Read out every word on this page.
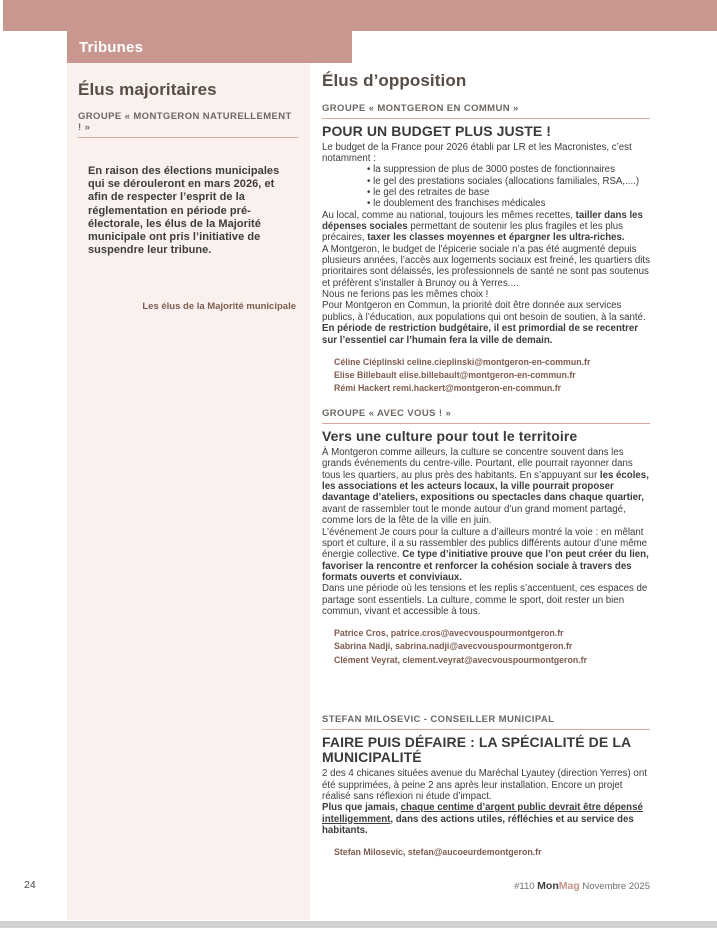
Tribunes
Élus majoritaires
GROUPE « MONTGERON NATURELLEMENT ! »

En raison des élections municipales qui se dérouleront en mars 2026, et afin de respecter l’esprit de la réglementation en période pré-électorale, les élus de la Majorité municipale ont pris l’initiative de suspendre leur tribune.

Les élus de la Majorité municipale
Élus d’opposition
GROUPE « MONTGERON EN COMMUN »
POUR UN BUDGET PLUS JUSTE !

Le budget de la France pour 2026 établi par LR et les Macronistes, c’est notamment :

• la suppression de plus de 3000 postes de fonctionnaires
• le gel des prestations sociales (allocations familiales, RSA,....)
• le gel des retraites de base
• le doublement des franchises médicales

Au local, comme au national, toujours les mêmes recettes, tailler dans les dépenses sociales permettant de soutenir les plus fragiles et les plus précaires, taxer les classes moyennes et épargner les ultra-riches.

A Montgeron, le budget de l’épicerie sociale n’a pas été augmenté depuis plusieurs années, l’accès aux logements sociaux est freiné, les quartiers dits prioritaires sont délaissés, les professionnels de santé ne sont pas soutenus et préfèrent s’installer à Brunoy ou à Yerres....

Nous ne ferions pas les mêmes choix !

Pour Montgeron en Commun, la priorité doit être donnée aux services publics, à l’éducation, aux populations qui ont besoin de soutien, à la santé.

En période de restriction budgétaire, il est primordial de se recentrer sur l’essentiel car l’humain fera la ville de demain.

Céline Ciéplinski celine.cieplinski@montgeron-en-commun.fr
Elise Billebault elise.billebault@montgeron-en-commun.fr
Rémi Hackert remi.hackert@montgeron-en-commun.fr
GROUPE « AVEC VOUS ! »
Vers une culture pour tout le territoire

À Montgeron comme ailleurs, la culture se concentre souvent dans les grands événements du centre-ville. Pourtant, elle pourrait rayonner dans tous les quartiers, au plus près des habitants. En s’appuyant sur les écoles, les associations et les acteurs locaux, la ville pourrait proposer davantage d’ateliers, expositions ou spectacles dans chaque quartier, avant de rassembler tout le monde autour d’un grand moment partagé, comme lors de la fête de la ville en juin.

L’événement Je cours pour la culture a d’ailleurs montré la voie : en mêlant sport et culture, il a su rassembler des publics différents autour d’une même énergie collective. Ce type d’initiative prouve que l’on peut créer du lien, favoriser la rencontre et renforcer la cohésion sociale à travers des formats ouverts et conviviaux.

Dans une période où les tensions et les replis s’accentuent, ces espaces de partage sont essentiels. La culture, comme le sport, doit rester un bien commun, vivant et accessible à tous.

Patrice Cros, patrice.cros@avecvouspourmontgeron.fr
Sabrina Nadji, sabrina.nadji@avecvouspourmontgeron.fr
Clément Veyrat, clement.veyrat@avecvouspourmontgeron.fr
STEFAN MILOSEVIC - CONSEILLER MUNICIPAL
FAIRE PUIS DÉFAIRE : LA SPÉCIALITÉ DE LA MUNICIPALITÉ

2 des 4 chicanes situées avenue du Maréchal Lyautey (direction Yerres) ont été supprimées, à peine 2 ans après leur installation. Encore un projet réalisé sans réflexion ni étude d’impact.

Plus que jamais, chaque centime d’argent public devrait être dépensé intelligemment, dans des actions utiles, réfléchies et au service des habitants.

Stefan Milosevic, stefan@aucoeurdemontgeron.fr
24	#110 MonMag Novembre 2025
